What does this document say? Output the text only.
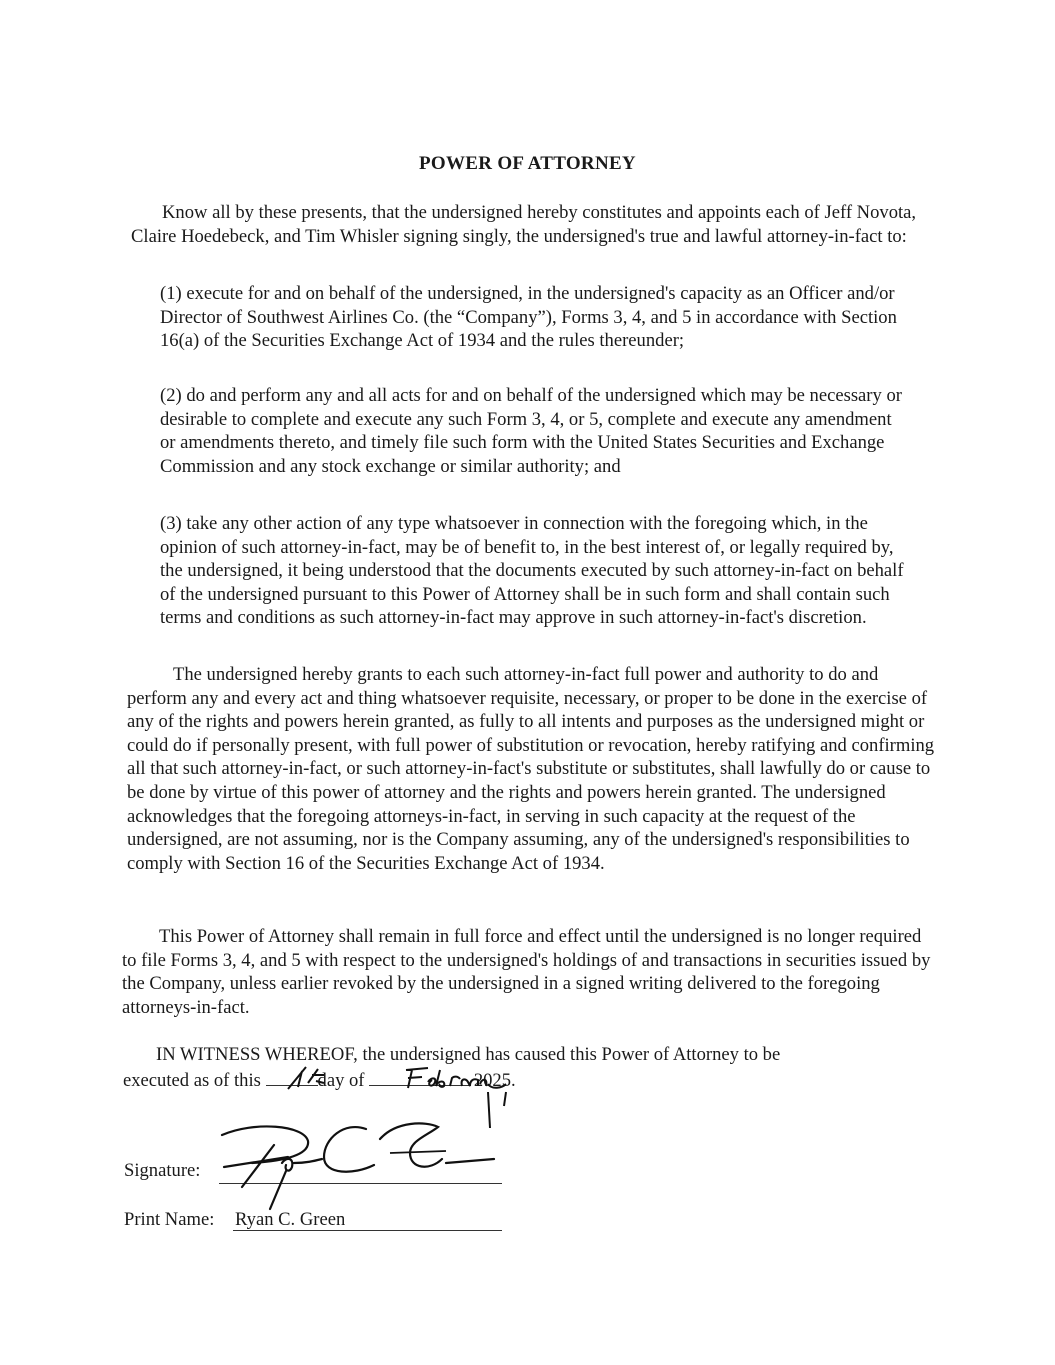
POWER OF ATTORNEY

Know all by these presents, that the undersigned hereby constitutes and appoints each of Jeff Novota, Claire Hoedebeck, and Tim Whisler signing singly, the undersigned's true and lawful attorney-in-fact to:

(1) execute for and on behalf of the undersigned, in the undersigned's capacity as an Officer and/or Director of Southwest Airlines Co. (the “Company”), Forms 3, 4, and 5 in accordance with Section 16(a) of the Securities Exchange Act of 1934 and the rules thereunder;

(2) do and perform any and all acts for and on behalf of the undersigned which may be necessary or desirable to complete and execute any such Form 3, 4, or 5, complete and execute any amendment or amendments thereto, and timely file such form with the United States Securities and Exchange Commission and any stock exchange or similar authority; and

(3) take any other action of any type whatsoever in connection with the foregoing which, in the opinion of such attorney-in-fact, may be of benefit to, in the best interest of, or legally required by, the undersigned, it being understood that the documents executed by such attorney-in-fact on behalf of the undersigned pursuant to this Power of Attorney shall be in such form and shall contain such terms and conditions as such attorney-in-fact may approve in such attorney-in-fact's discretion.

The undersigned hereby grants to each such attorney-in-fact full power and authority to do and perform any and every act and thing whatsoever requisite, necessary, or proper to be done in the exercise of any of the rights and powers herein granted, as fully to all intents and purposes as the undersigned might or could do if personally present, with full power of substitution or revocation, hereby ratifying and confirming all that such attorney-in-fact, or such attorney-in-fact's substitute or substitutes, shall lawfully do or cause to be done by virtue of this power of attorney and the rights and powers herein granted. The undersigned acknowledges that the foregoing attorneys-in-fact, in serving in such capacity at the request of the undersigned, are not assuming, nor is the Company assuming, any of the undersigned's responsibilities to comply with Section 16 of the Securities Exchange Act of 1934.

This Power of Attorney shall remain in full force and effect until the undersigned is no longer required to file Forms 3, 4, and 5 with respect to the undersigned's holdings of and transactions in securities issued by the Company, unless earlier revoked by the undersigned in a signed writing delivered to the foregoing attorneys-in-fact.

IN WITNESS WHEREOF, the undersigned has caused this Power of Attorney to be
executed as of this	day of	2025.
Signature:
Print Name: Ryan C. Green
